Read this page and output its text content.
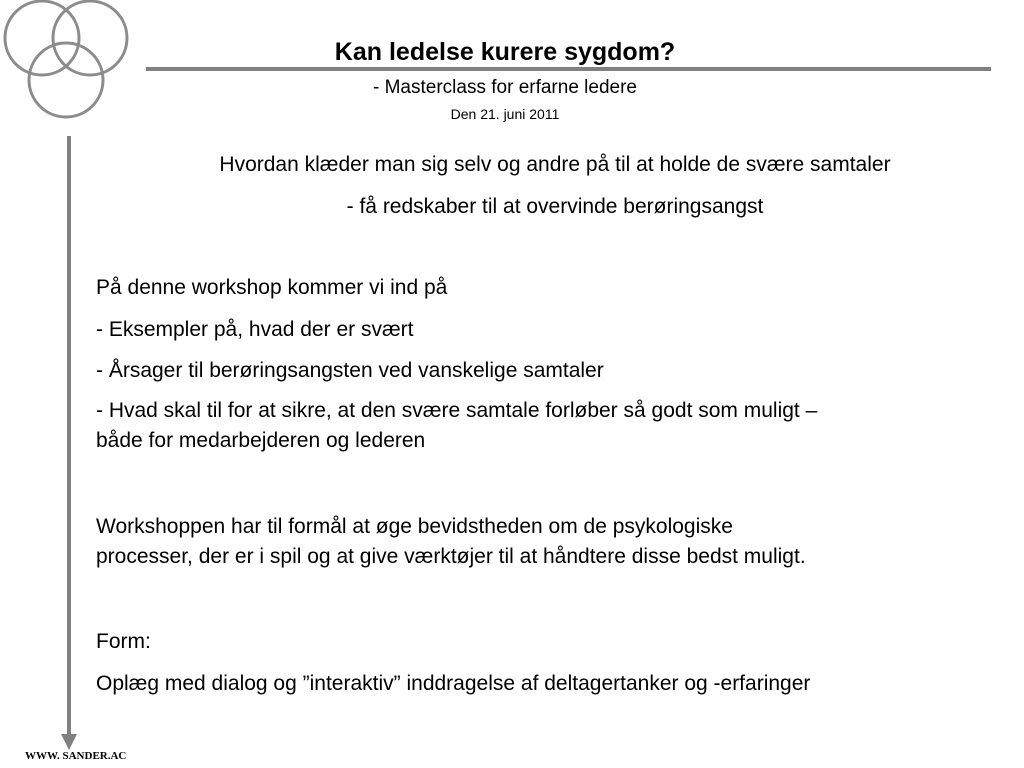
Kan ledelse kurere sygdom?
- Masterclass for erfarne ledere
Den 21. juni 2011
Hvordan klæder man sig selv og andre på til at holde de svære samtaler
- få redskaber til at overvinde berøringsangst
På denne workshop kommer vi ind på
- Eksempler på, hvad der er svært
- Årsager til berøringsangsten ved vanskelige samtaler
- Hvad skal til for at sikre, at den svære samtale forløber så godt som muligt –
både for medarbejderen og lederen
Workshoppen har til formål at øge bevidstheden om de psykologiske
processer, der er i spil og at give værktøjer til at håndtere disse bedst muligt.
Form:
Oplæg med dialog og ”interaktiv” inddragelse af deltagertanker og -erfaringer
WWW. SANDER.AC
